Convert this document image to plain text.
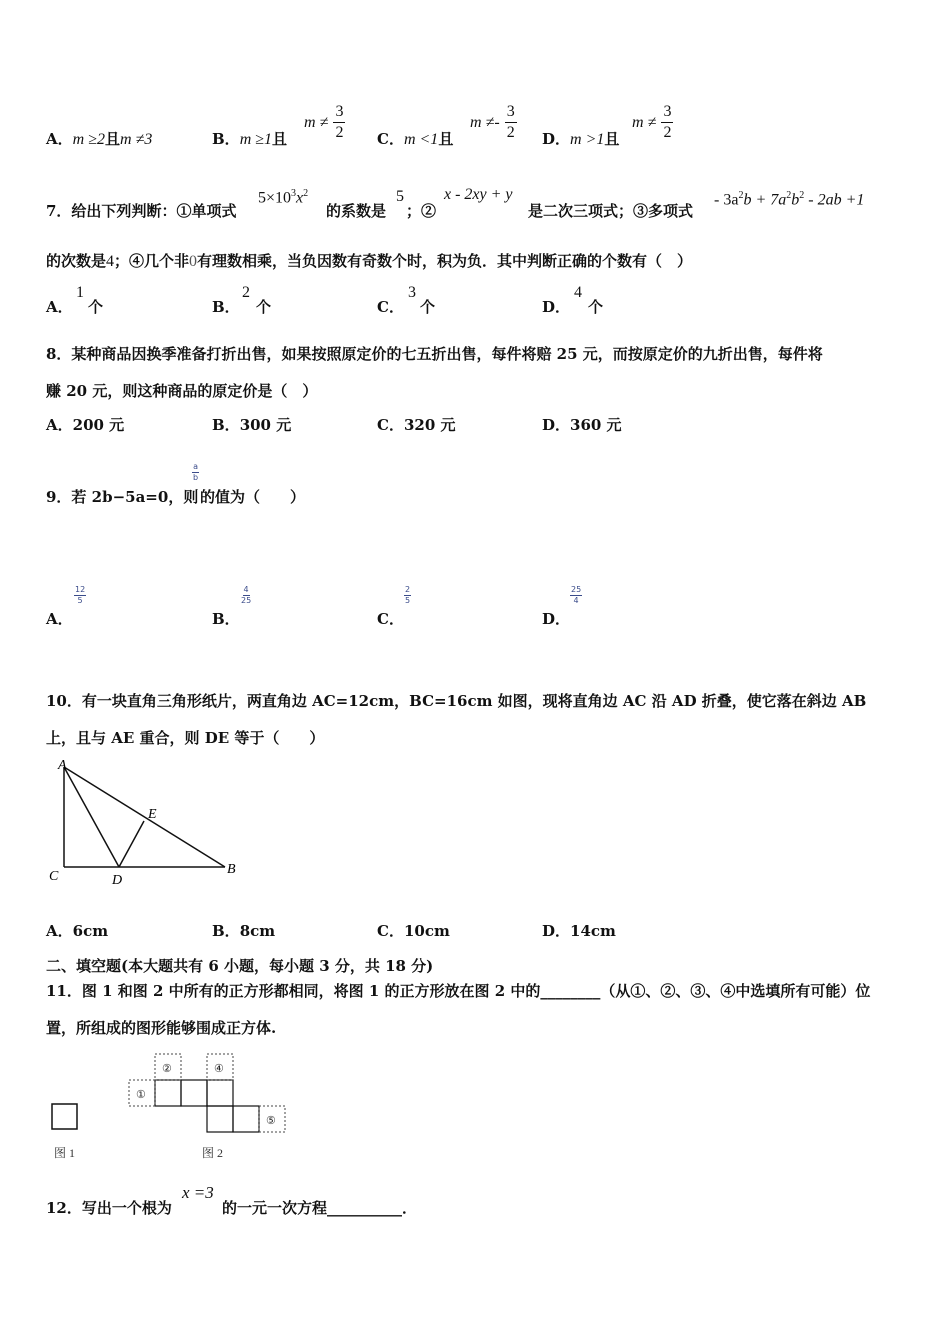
A．m ≥2且m ≠3	B．m ≥1且
$m \ne \frac{3}{2}$ C．m <1且
$m \ne- \frac{3}{2}$ D．m >1且
$m \ne \frac{3}{2}$
7．给出下列判断：①单项式
$5\times 10^3x^2$
的系数是
5
；②
x - 2xy + y
是二次三项式；③多项式
- $3a^2b + 7a^2b^2 - 2ab +1$
的次数是4；④几个非0有理数相乘，当负因数有奇数个时，积为负．其中判断正确的个数有（　）
A．
1
个	B．
2
个	C．
3
个	D．
4
个
8．某种商品因换季准备打折出售，如果按照原定价的七五折出售，每件将赔 25 元，而按原定价的九折出售，每件将
赚 20 元，则这种商品的原定价是（　）
A．200 元	B．300 元	C．320 元	D．360 元
9．若 2b−5a=0，则
$\frac{a}{b}$
的值为（　　）
A．
$\frac{12}{5}$
B．
$\frac{4}{25}$
C．
$\frac{2}{5}$
D．
$\frac{25}{4}$
10．有一块直角三角形纸片，两直角边 AC=12cm，BC=16cm 如图，现将直角边 AC 沿 AD 折叠，使它落在斜边 AB
上，且与 AE 重合，则 DE 等于（　　）
A
E
C	D
B
A．6cm	B．8cm	C．10cm	D．14cm
二、填空题(本大题共有 6 小题，每小题 3 分，共 18 分)
11．图 1 和图 2 中所有的正方形都相同，将图 1 的正方形放在图 2 中的________（从①、②、③、④中选填所有可能）位
置，所组成的图形能够围成正方体.
图 1
①
②	④
⑤
图 2
12．写出一个根为
x =3
的一元一次方程__________．
